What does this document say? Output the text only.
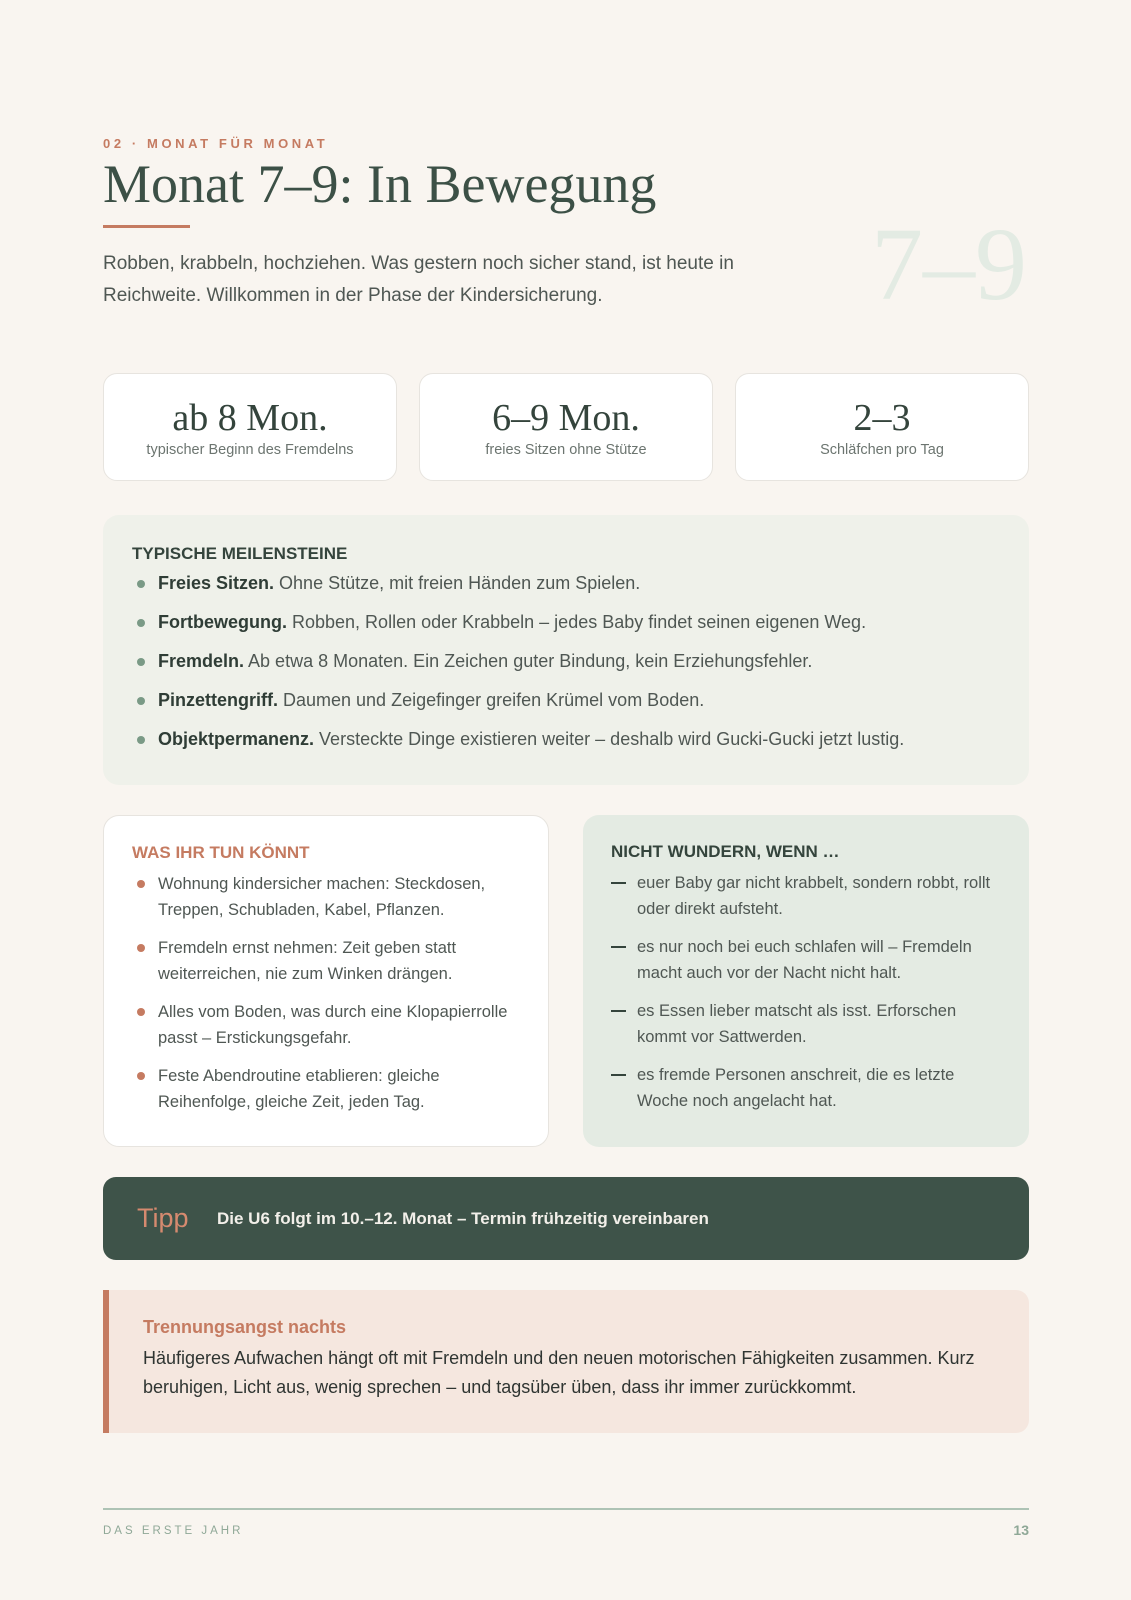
02 · MONAT FÜR MONAT
Monat 7–9: In Bewegung

Robben, krabbeln, hochziehen. Was gestern noch sicher stand, ist heute in Reichweite. Willkommen in der Phase der Kindersicherung.	7–9
ab 8 Mon.
typischer Beginn des Fremdelns
6–9 Mon.
freies Sitzen ohne Stütze
2–3
Schläfchen pro Tag
TYPISCHE MEILENSTEINE
Freies Sitzen. Ohne Stütze, mit freien Händen zum Spielen.
Fortbewegung. Robben, Rollen oder Krabbeln – jedes Baby findet seinen eigenen Weg.
Fremdeln. Ab etwa 8 Monaten. Ein Zeichen guter Bindung, kein Erziehungsfehler.
Pinzettengriff. Daumen und Zeigefinger greifen Krümel vom Boden.
Objektpermanenz. Versteckte Dinge existieren weiter – deshalb wird Gucki-Gucki jetzt lustig.
WAS IHR TUN KÖNNT
Wohnung kindersicher machen: Steckdosen, Treppen, Schubladen, Kabel, Pflanzen.
Fremdeln ernst nehmen: Zeit geben statt weiterreichen, nie zum Winken drängen.
Alles vom Boden, was durch eine Klopapierrolle passt – Erstickungsgefahr.
Feste Abendroutine etablieren: gleiche Reihenfolge, gleiche Zeit, jeden Tag.
NICHT WUNDERN, WENN …
euer Baby gar nicht krabbelt, sondern robbt, rollt oder direkt aufsteht.
es nur noch bei euch schlafen will – Fremdeln macht auch vor der Nacht nicht halt.
es Essen lieber matscht als isst. Erforschen kommt vor Sattwerden.
es fremde Personen anschreit, die es letzte Woche noch angelacht hat.
Tipp	Die U6 folgt im 10.–12. Monat – Termin frühzeitig vereinbaren
Trennungsangst nachts

Häufigeres Aufwachen hängt oft mit Fremdeln und den neuen motorischen Fähigkeiten zusammen. Kurz beruhigen, Licht aus, wenig sprechen – und tagsüber üben, dass ihr immer zurückkommt.

DAS ERSTE JAHR	13
